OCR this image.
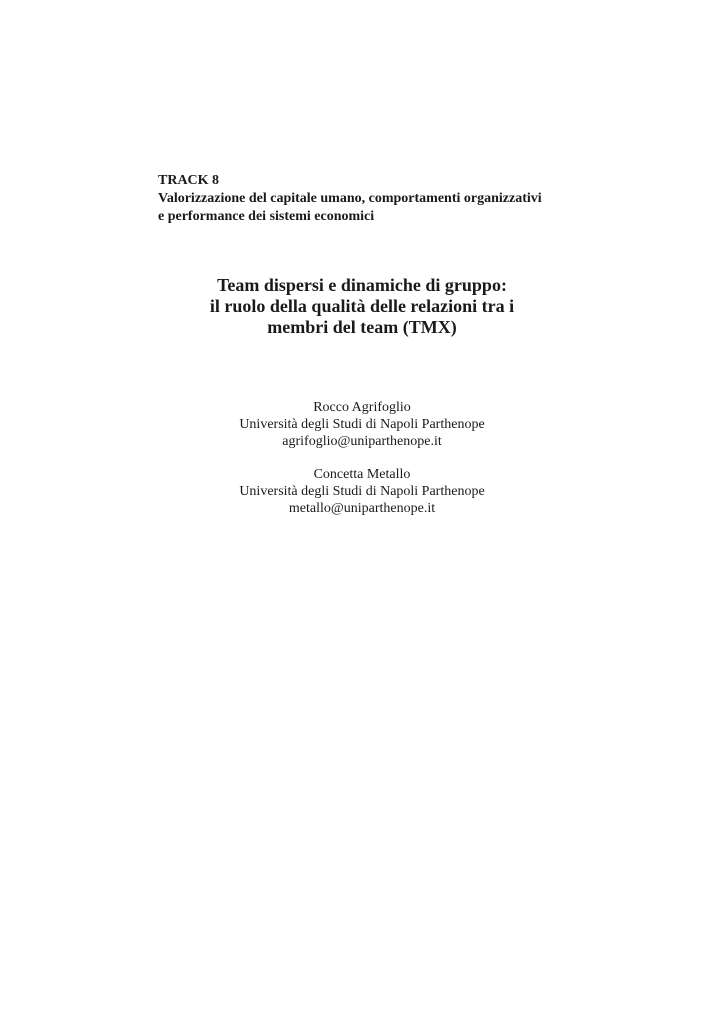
TRACK 8
Valorizzazione del capitale umano, comportamenti organizzativi
e performance dei sistemi economici
Team dispersi e dinamiche di gruppo:
il ruolo della qualità delle relazioni tra i
membri del team (TMX)
Rocco Agrifoglio
Università degli Studi di Napoli Parthenope
agrifoglio@uniparthenope.it
Concetta Metallo
Università degli Studi di Napoli Parthenope
metallo@uniparthenope.it
